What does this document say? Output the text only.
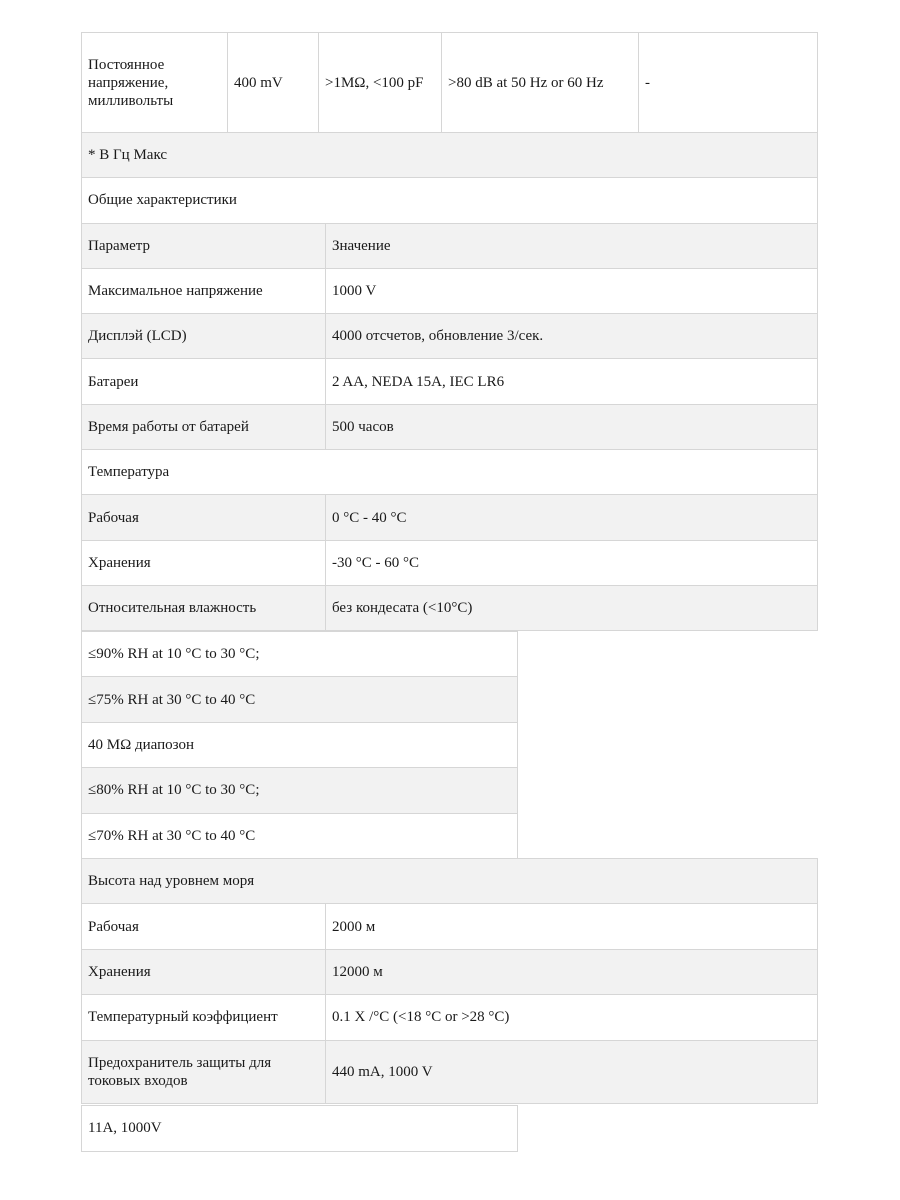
Постоянное напряжение, милливольты	400 mV	>1MΩ, <100 pF	>80 dB at 50 Hz or 60 Hz	-
* В Гц Макс	
Общие характеристики	
Параметр	Значение
Максимальное напряжение	1000 V
Дисплэй (LCD)	4000 отсчетов, обновление 3/сек.
Батареи	2 AA, NEDA 15A, IEC LR6
Время работы от батарей	500 часов
Температура	
Рабочая	0 °C - 40 °C
Хранения	-30 °C - 60 °C
Относительная влажность	без кондесата (<10°C)
≤90% RH at 10 °C to 30 °C;
≤75% RH at 30 °C to 40 °C
40 MΩ диапозон
≤80% RH at 10 °C to 30 °C;
≤70% RH at 30 °C to 40 °C
Высота над уровнем моря	
Рабочая	2000 м
Хранения	12000 м
Температурный коэффициент	0.1 X /°C (<18 °C or >28 °C)
Предохранитель защиты для токовых входов	440 mA, 1000 V
11A, 1000V
